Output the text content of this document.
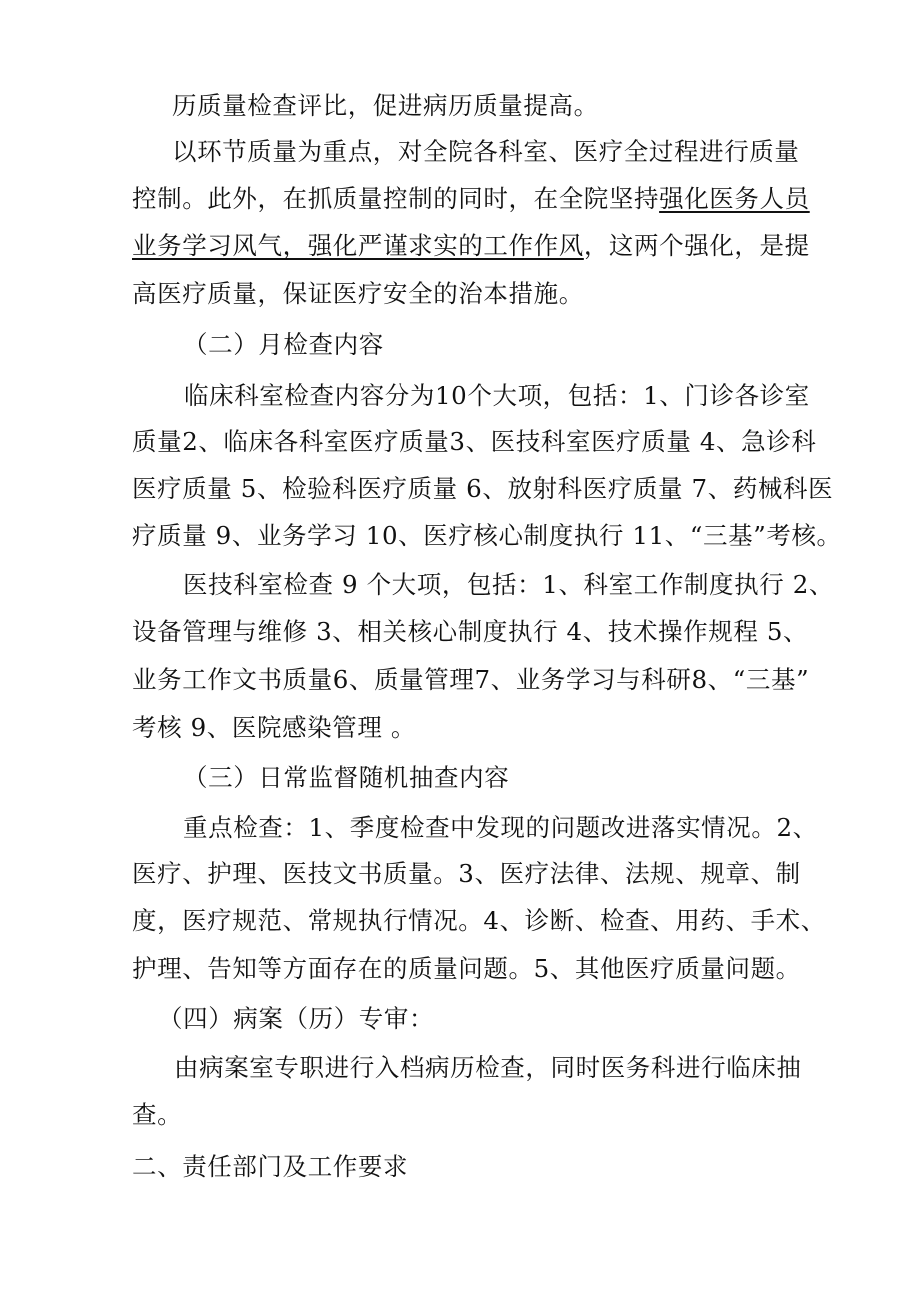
历质量检查评比，促进病历质量提高。
以环节质量为重点，对全院各科室、医疗全过程进行质量
控制。此外，在抓质量控制的同时，在全院坚持强化医务人员
业务学习风气，强化严谨求实的工作作风，这两个强化，是提
高医疗质量，保证医疗安全的治本措施。
（二）月检查内容
临床科室检查内容分为10个大项，包括：1、门诊各诊室
质量2、临床各科室医疗质量3、医技科室医疗质量 4、急诊科
医疗质量 5、检验科医疗质量 6、放射科医疗质量 7、药械科医
疗质量 9、业务学习 10、医疗核心制度执行 11、“三基”考核。
医技科室检查 9 个大项，包括：1、科室工作制度执行 2、
设备管理与维修 3、相关核心制度执行 4、技术操作规程 5、
业务工作文书质量6、质量管理7、业务学习与科研8、“三基”
考核 9、医院感染管理 。
（三）日常监督随机抽查内容
重点检查：1、季度检查中发现的问题改进落实情况。2、
医疗、护理、医技文书质量。3、医疗法律、法规、规章、制
度，医疗规范、常规执行情况。4、诊断、检查、用药、手术、
护理、告知等方面存在的质量问题。5、其他医疗质量问题。
（四）病案（历）专审：
由病案室专职进行入档病历检查，同时医务科进行临床抽
查。
二、责任部门及工作要求
